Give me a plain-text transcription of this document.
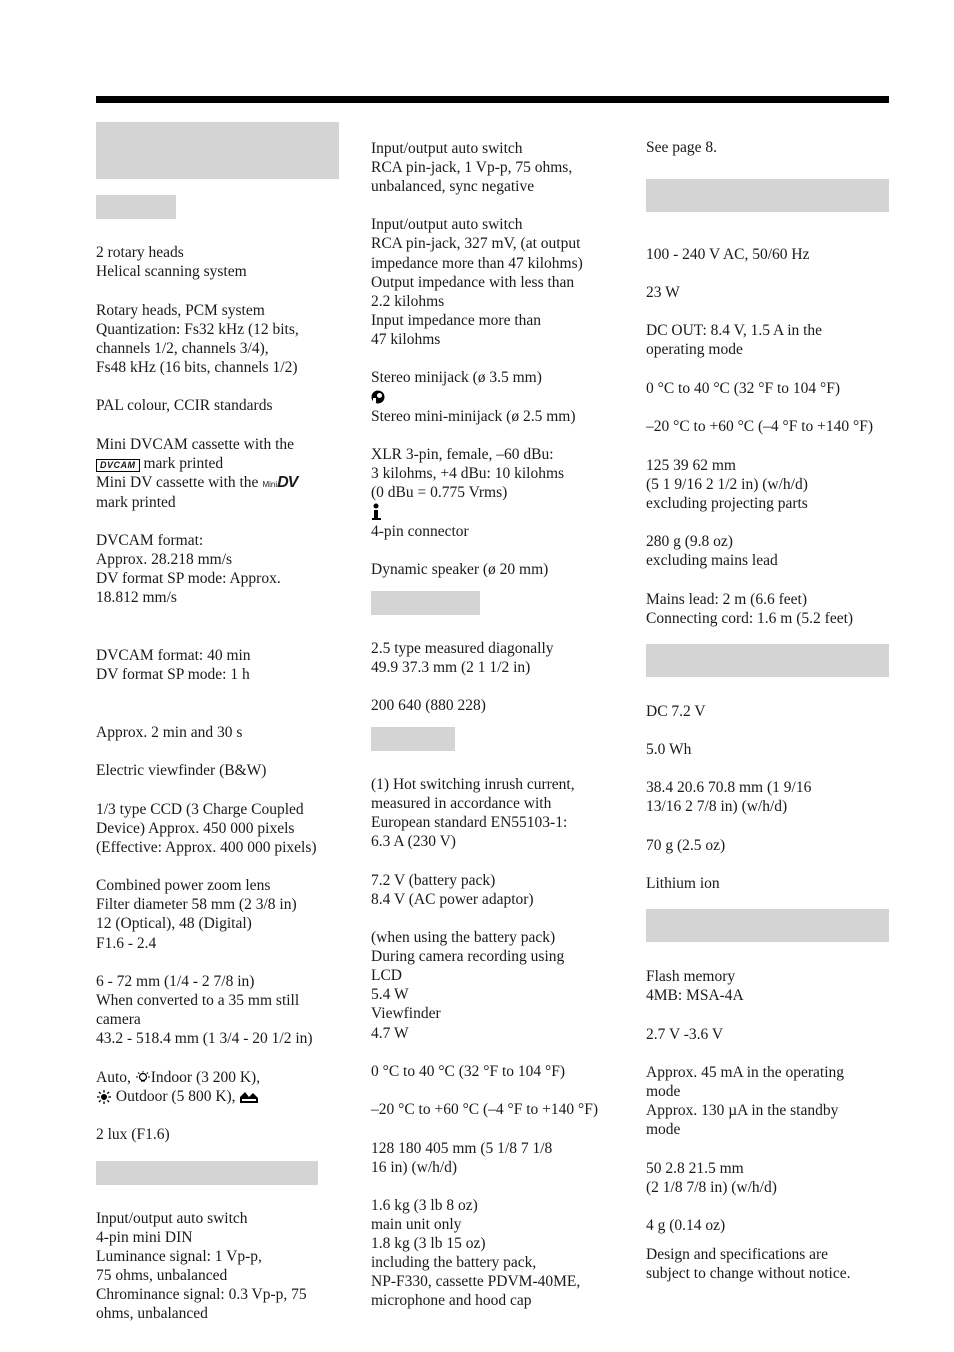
2 rotary heads
Helical scanning system
Rotary heads, PCM system
Quantization: Fs32 kHz (12 bits,
channels 1/2, channels 3/4),
Fs48 kHz (16 bits, channels 1/2)
PAL colour, CCIR standards
Mini DVCAM cassette with the
DVCAM mark printed
Mini DV cassette with the MiniDV
mark printed
DVCAM format:
Approx. 28.218 mm/s
DV format SP mode: Approx.
18.812 mm/s
DVCAM format: 40 min
DV format SP mode: 1 h
Approx. 2 min and 30 s
Electric viewfinder (B&W)
1/3 type CCD (3 Charge Coupled
Device) Approx. 450 000 pixels
(Effective: Approx. 400 000 pixels)
Combined power zoom lens
Filter diameter 58 mm (2 3/8 in)
12 (Optical), 48 (Digital)
F1.6 - 2.4
6 - 72 mm (1/4 - 2 7/8 in)
When converted to a 35 mm still
camera
43.2 - 518.4 mm (1 3/4 - 20 1/2 in)
Auto, Indoor (3 200 K),
Outdoor (5 800 K),
2 lux (F1.6)
Input/output auto switch
4-pin mini DIN
Luminance signal: 1 Vp-p,
75 ohms, unbalanced
Chrominance signal: 0.3 Vp-p, 75
ohms, unbalanced
Input/output auto switch
RCA pin-jack, 1 Vp-p, 75 ohms,
unbalanced, sync negative
Input/output auto switch
RCA pin-jack, 327 mV, (at output
impedance more than 47 kilohms)
Output impedance with less than
2.2 kilohms
Input impedance more than
47 kilohms
Stereo minijack (ø 3.5 mm)
Stereo mini-minijack (ø 2.5 mm)
XLR 3-pin, female, –60 dBu:
3 kilohms, +4 dBu: 10 kilohms
(0 dBu = 0.775 Vrms)
4-pin connector
Dynamic speaker (ø 20 mm)
2.5 type measured diagonally
49.9 37.3 mm (2 1 1/2 in)
200 640 (880 228)
(1) Hot switching inrush current,
measured in accordance with
European standard EN55103-1:
6.3 A (230 V)
7.2 V (battery pack)
8.4 V (AC power adaptor)
(when using the battery pack)
During camera recording using
LCD
5.4 W
Viewfinder
4.7 W
0 °C to 40 °C (32 °F to 104 °F)
–20 °C to +60 °C (–4 °F to +140 °F)
128 180 405 mm (5 1/8 7 1/8
16 in) (w/h/d)
1.6 kg (3 lb 8 oz)
main unit only
1.8 kg (3 lb 15 oz)
including the battery pack,
NP-F330, cassette PDVM-40ME,
microphone and hood cap
See page 8.
100 - 240 V AC, 50/60 Hz
23 W
DC OUT: 8.4 V, 1.5 A in the
operating mode
0 °C to 40 °C (32 °F to 104 °F)
–20 °C to +60 °C (–4 °F to +140 °F)
125 39 62 mm
(5 1 9/16 2 1/2 in) (w/h/d)
excluding projecting parts
280 g (9.8 oz)
excluding mains lead
Mains lead: 2 m (6.6 feet)
Connecting cord: 1.6 m (5.2 feet)
DC 7.2 V
5.0 Wh
38.4 20.6 70.8 mm (1 9/16
13/16 2 7/8 in) (w/h/d)
70 g (2.5 oz)
Lithium ion
Flash memory
4MB: MSA-4A
2.7 V -3.6 V
Approx. 45 mA in the operating
mode
Approx. 130 µA in the standby
mode
50 2.8 21.5 mm
(2 1/8 7/8 in) (w/h/d)
4 g (0.14 oz)
Design and specifications are
subject to change without notice.
